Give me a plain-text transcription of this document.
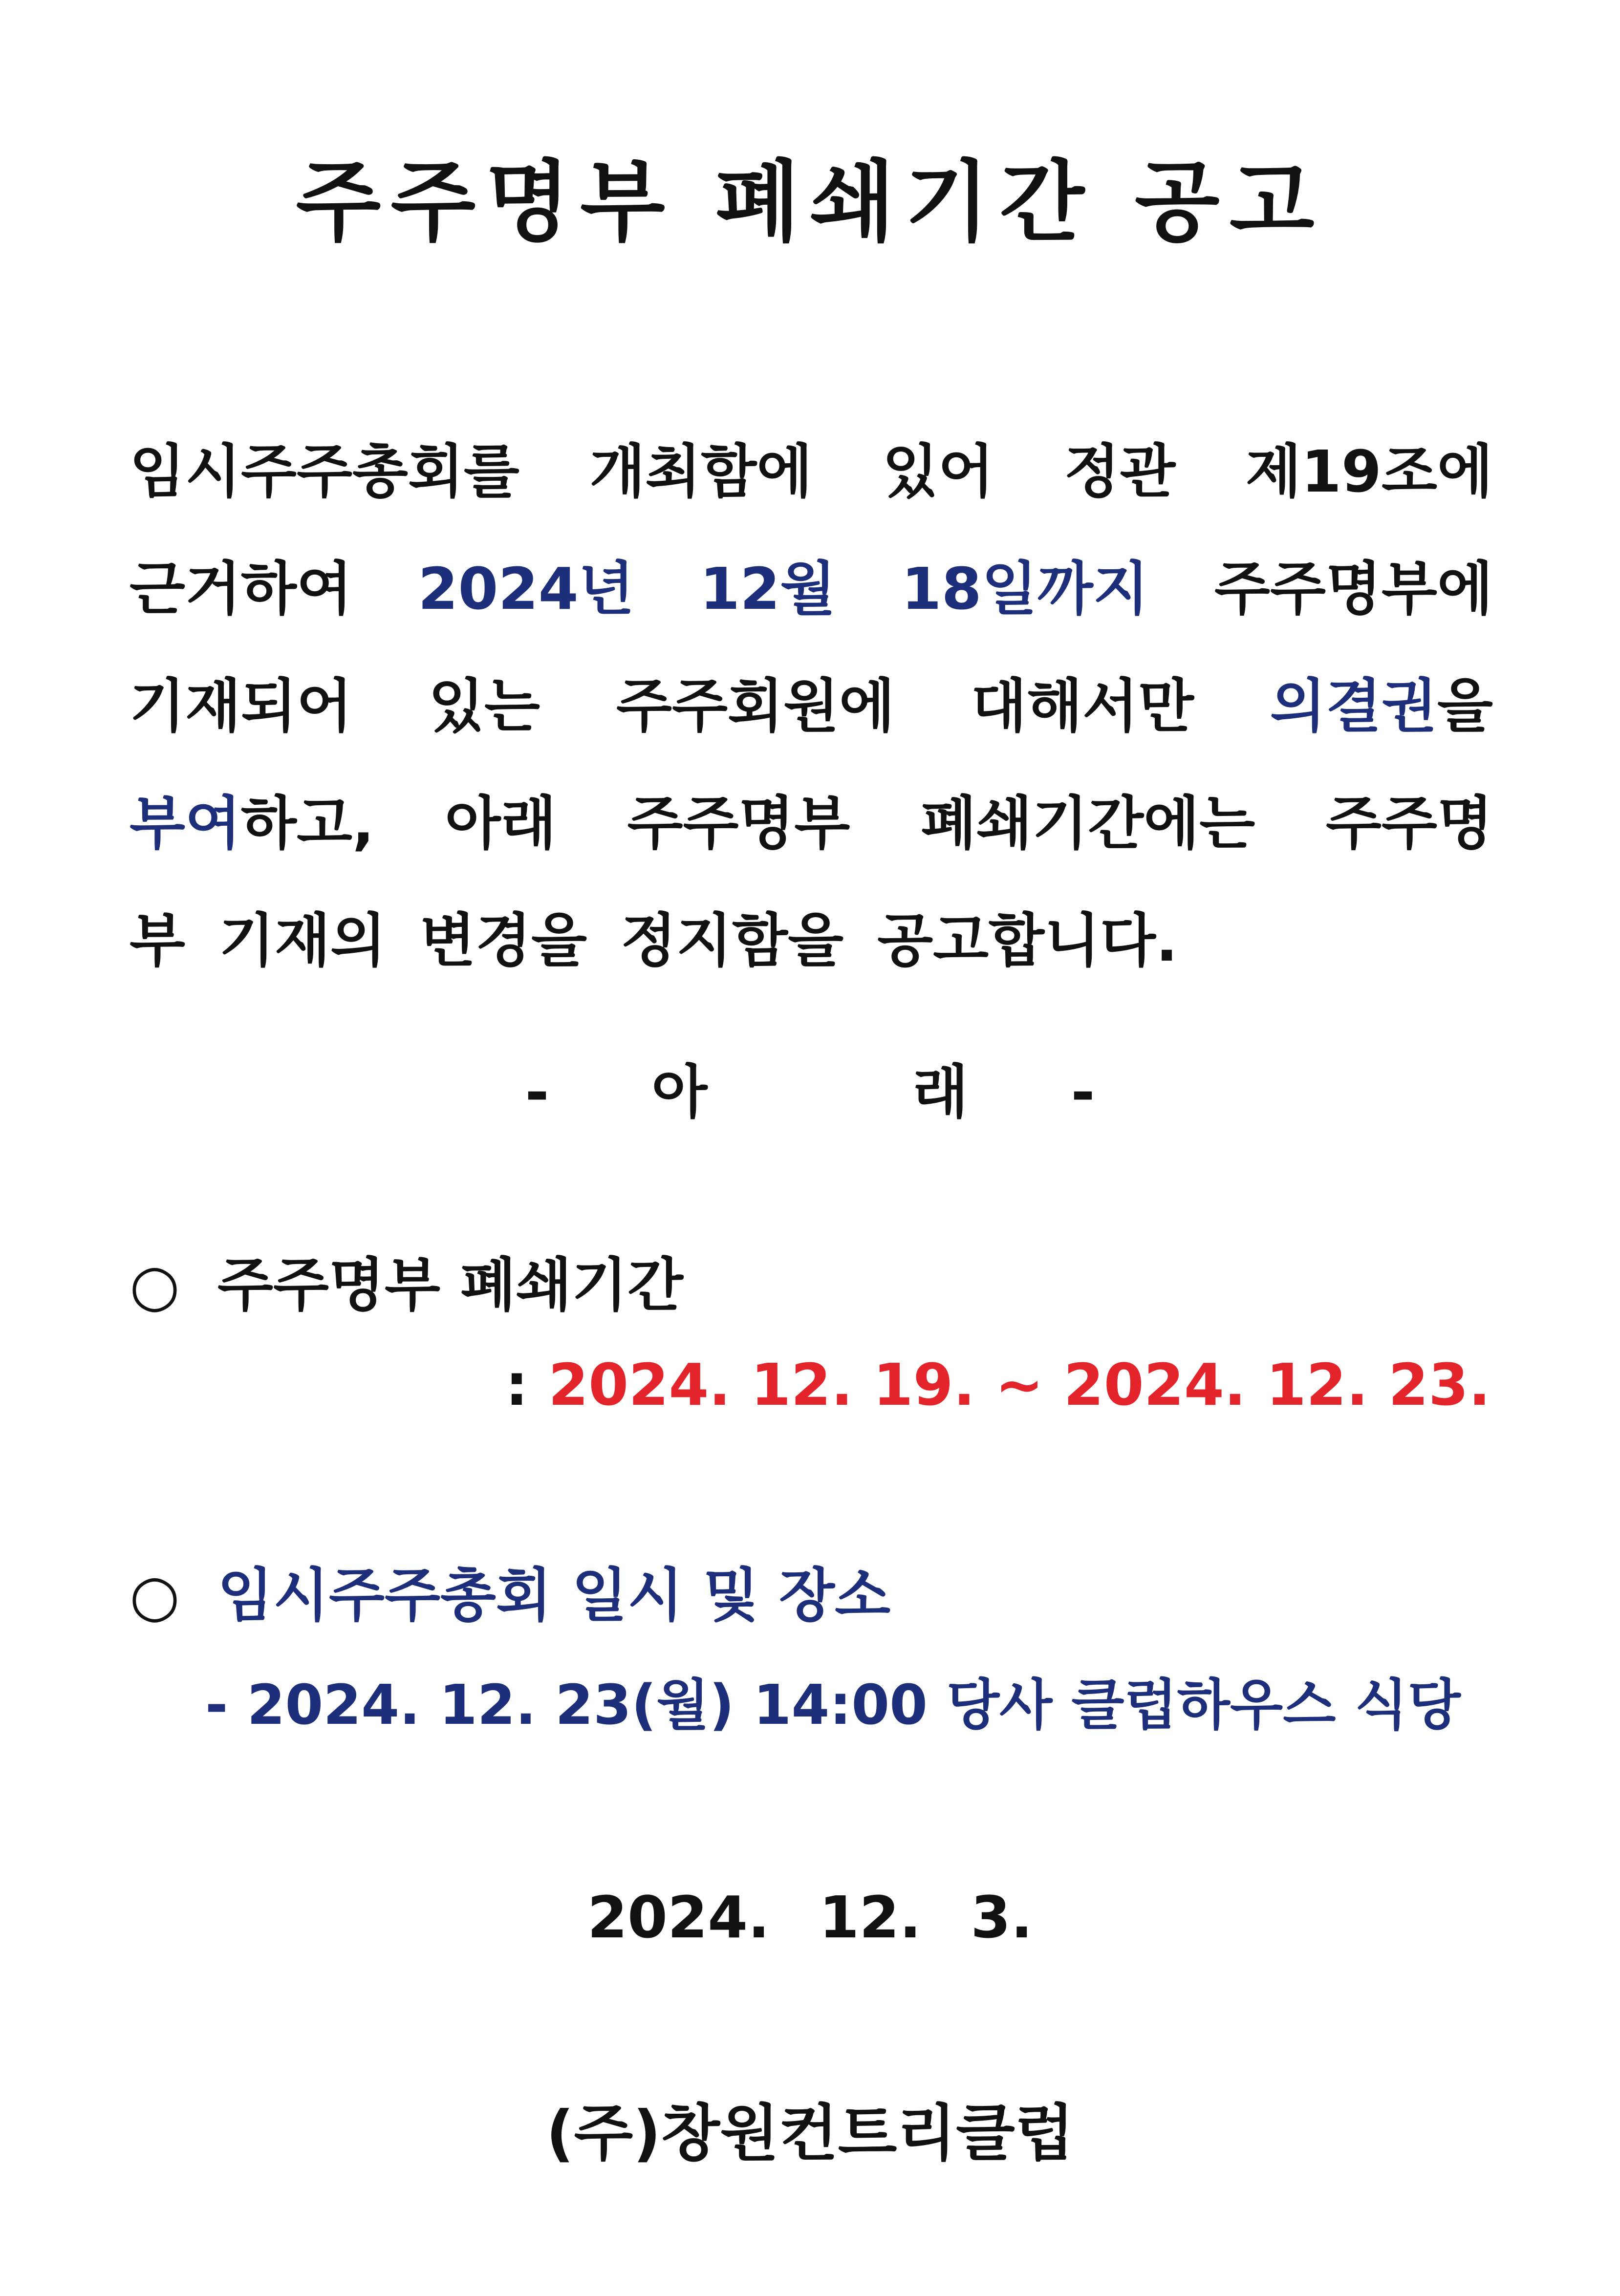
주주명부 폐쇄기간 공고
임시주주총회를 개최함에 있어 정관 제19조에
근거하여 2024년 12월 18일까지 주주명부에
기재되어 있는 주주회원에 대해서만 의결권을
부여하고, 아래 주주명부 폐쇄기간에는 주주명
부 기재의 변경을 정지함을 공고합니다.
- 아	래 -
○ 주주명부 폐쇄기간
: 2024. 12. 19. ~ 2024. 12. 23.
○ 임시주주총회 일시 및 장소
- 2024. 12. 23(월) 14:00 당사 클럽하우스 식당
2024. 12. 3.
(주)창원컨트리클럽
